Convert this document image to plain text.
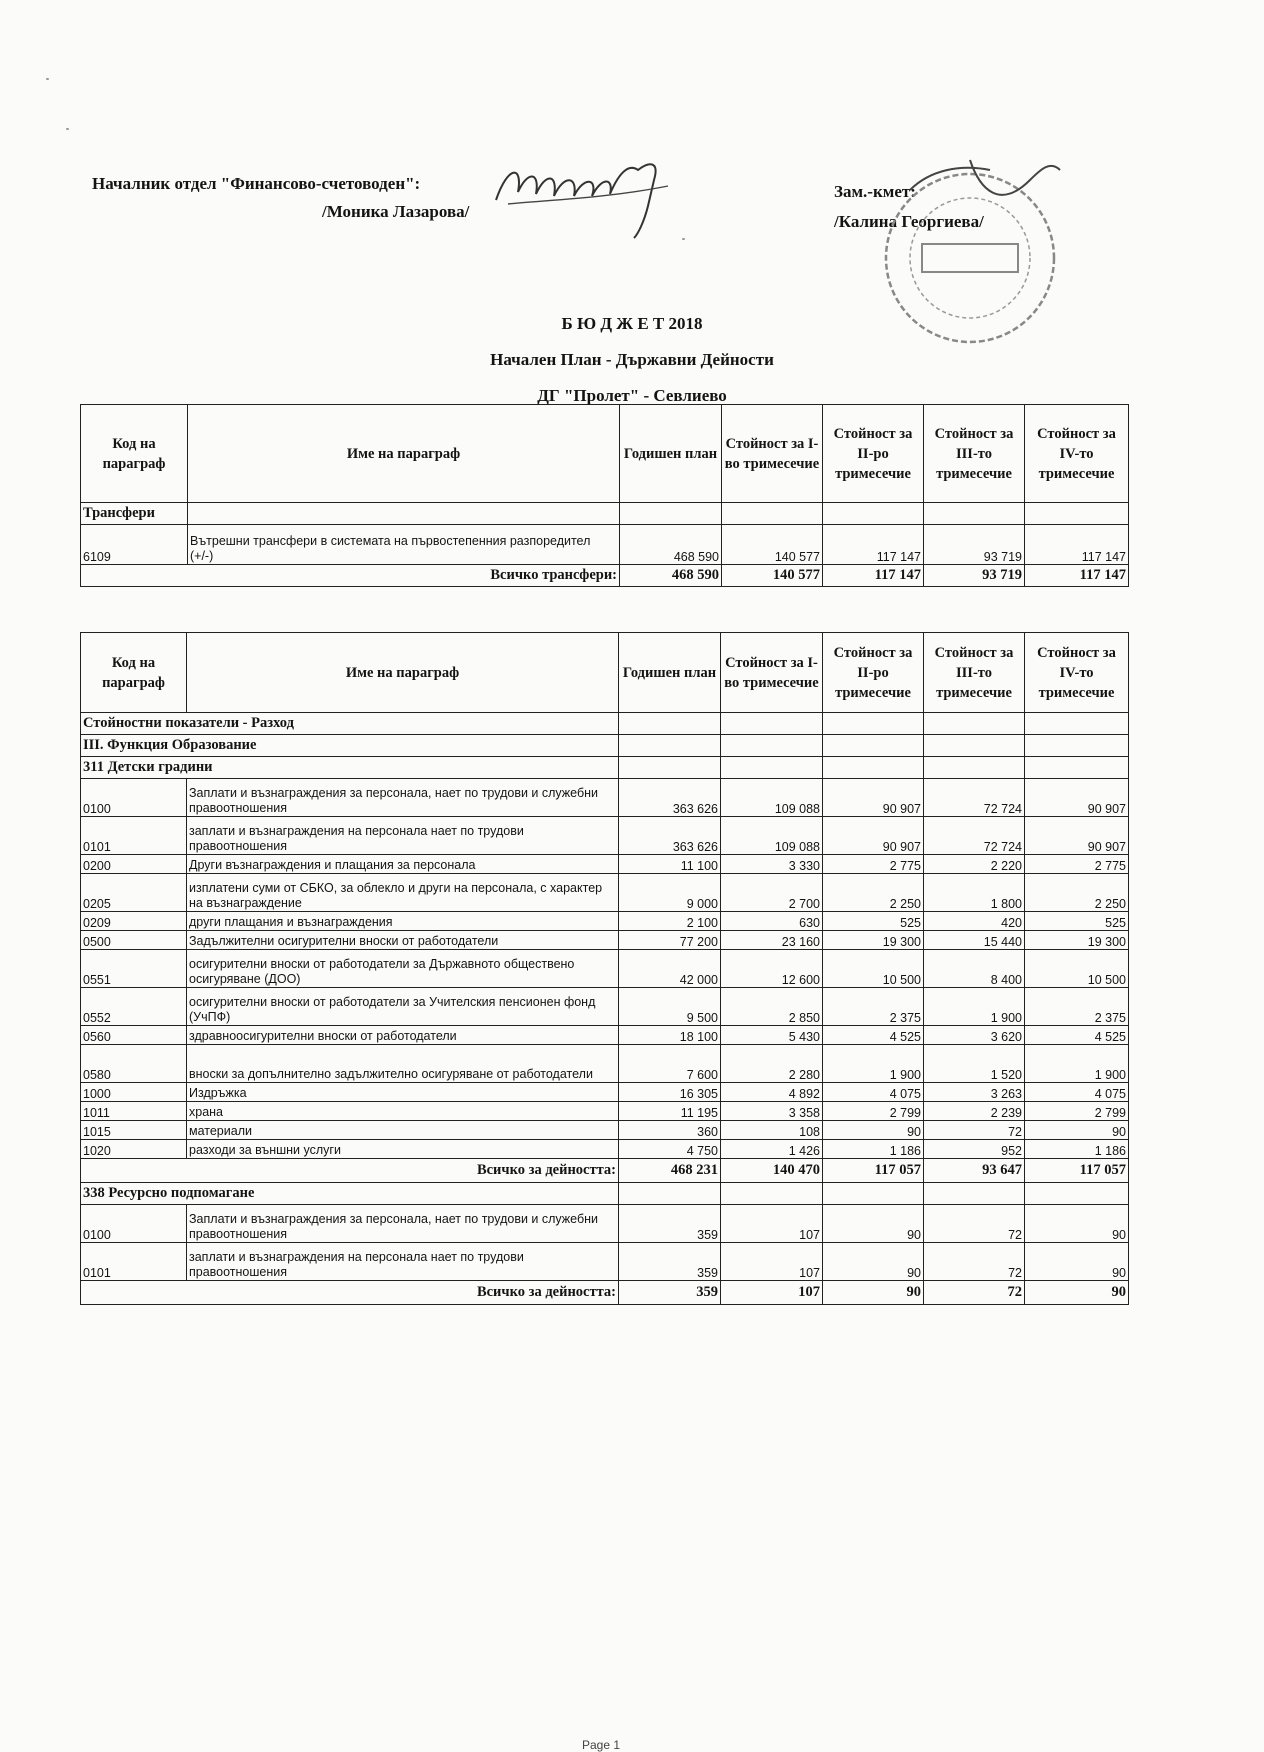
Началник отдел "Финансово-счетоводен":
/Моника Лазарова/
Зам.-кмет:
/Калина Георгиева/
Б Ю Д Ж Е Т 2018
Начален План - Държавни Дейности
ДГ "Пролет" - Севлиево
Код на параграф	Име на параграф	Годишен план	Стойност за I-во тримесечие	Стойност за II-ро тримесечие	Стойност за III-то тримесечие	Стойност за IV-то тримесечие
Трансфери						
6109	Вътрешни трансфери в системата на първостепенния разпоредител (+/-)	468 590	140 577	117 147	93 719	117 147
Всичко трансфери:		468 590	140 577	117 147	93 719	117 147
Код на параграф	Име на параграф	Годишен план	Стойност за I-во тримесечие	Стойност за II-ро тримесечие	Стойност за III-то тримесечие	Стойност за IV-то тримесечие
Стойностни показатели - Разход						
III. Функция Образование						
311 Детски градини						
0100	Заплати и възнаграждения за персонала, нает по трудови и служебни правоотношения	363 626	109 088	90 907	72 724	90 907
0101	заплати и възнаграждения на персонала нает по трудови правоотношения	363 626	109 088	90 907	72 724	90 907
0200	Други възнаграждения и плащания за персонала	11 100	3 330	2 775	2 220	2 775
0205	изплатени суми от СБКО, за облекло и други на персонала, с характер на възнаграждение	9 000	2 700	2 250	1 800	2 250
0209	други плащания и възнаграждения	2 100	630	525	420	525
0500	Задължителни осигурителни вноски от работодатели	77 200	23 160	19 300	15 440	19 300
0551	осигурителни вноски от работодатели за Държавното обществено осигуряване (ДОО)	42 000	12 600	10 500	8 400	10 500
0552	осигурителни вноски от работодатели за Учителския пенсионен фонд (УчПФ)	9 500	2 850	2 375	1 900	2 375
0560	здравноосигурителни вноски от работодатели	18 100	5 430	4 525	3 620	4 525
0580	вноски за допълнително задължително осигуряване от работодатели	7 600	2 280	1 900	1 520	1 900
1000	Издръжка	16 305	4 892	4 075	3 263	4 075
1011	храна	11 195	3 358	2 799	2 239	2 799
1015	материали	360	108	90	72	90
1020	разходи за външни услуги	4 750	1 426	1 186	952	1 186
Всичко за дейността:		468 231	140 470	117 057	93 647	117 057
338 Ресурсно подпомагане						
0100	Заплати и възнаграждения за персонала, нает по трудови и служебни правоотношения	359	107	90	72	90
0101	заплати и възнаграждения на персонала нает по трудови правоотношения	359	107	90	72	90
Всичко за дейността:		359	107	90	72	90
Page 1
